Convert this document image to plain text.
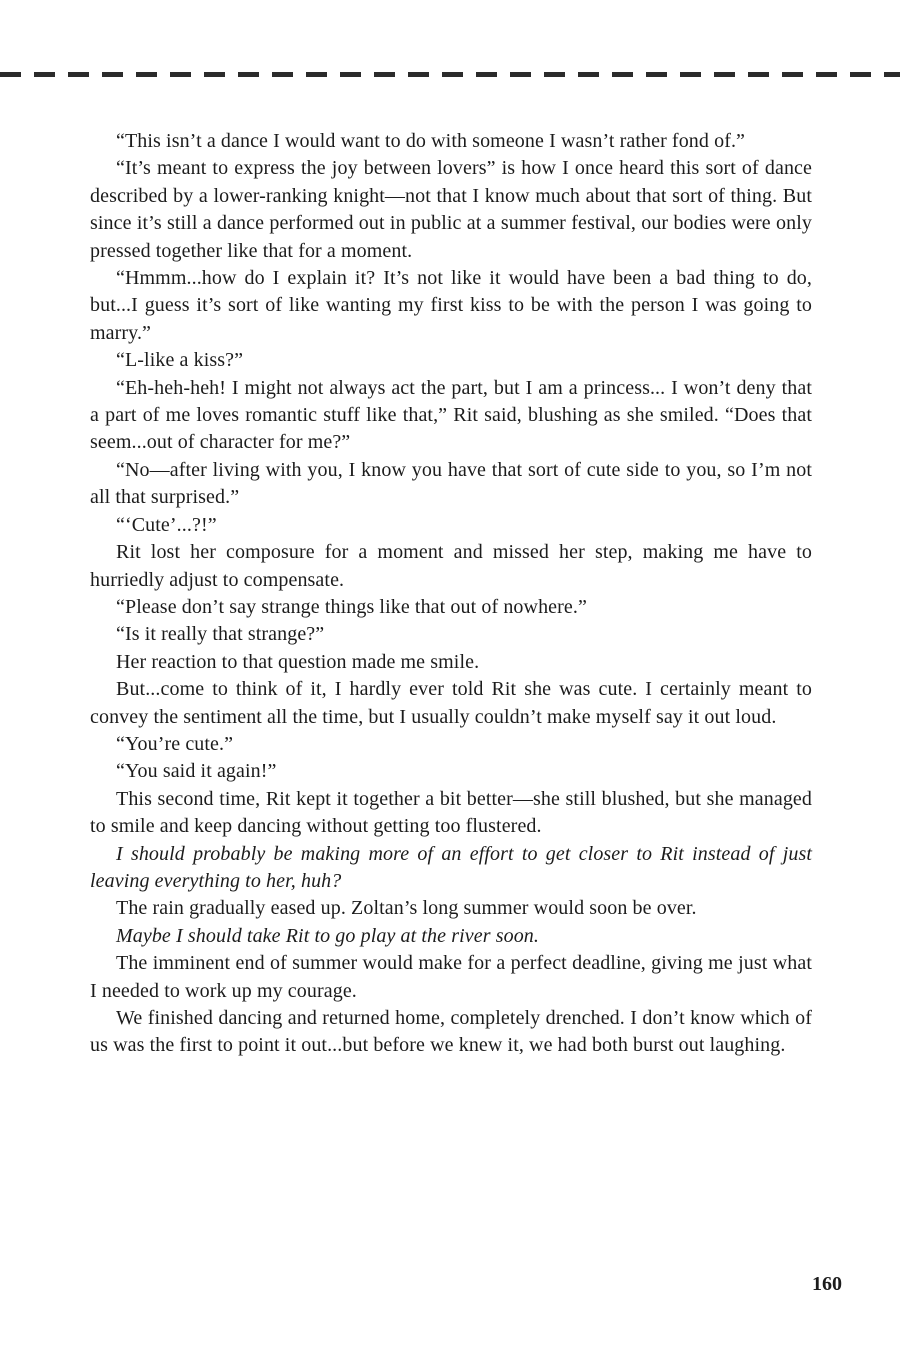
“This isn’t a dance I would want to do with someone I wasn’t rather fond of.”

“It’s meant to express the joy between lovers” is how I once heard this sort of dance described by a lower-ranking knight—not that I know much about that sort of thing. But since it’s still a dance performed out in public at a summer festival, our bodies were only pressed together like that for a moment.

“Hmmm...how do I explain it? It’s not like it would have been a bad thing to do, but...I guess it’s sort of like wanting my first kiss to be with the person I was going to marry.”

“L-like a kiss?”

“Eh-heh-heh! I might not always act the part, but I am a princess... I won’t deny that a part of me loves romantic stuff like that,” Rit said, blushing as she smiled. “Does that seem...out of character for me?”

“No—after living with you, I know you have that sort of cute side to you, so I’m not all that surprised.”

“‘Cute’...?!”

Rit lost her composure for a moment and missed her step, making me have to hurriedly adjust to compensate.

“Please don’t say strange things like that out of nowhere.”

“Is it really that strange?”

Her reaction to that question made me smile.

But...come to think of it, I hardly ever told Rit she was cute. I certainly meant to convey the sentiment all the time, but I usually couldn’t make myself say it out loud.

“You’re cute.”

“You said it again!”

This second time, Rit kept it together a bit better—she still blushed, but she managed to smile and keep dancing without getting too flustered.

I should probably be making more of an effort to get closer to Rit instead of just leaving everything to her, huh?

The rain gradually eased up. Zoltan’s long summer would soon be over.

Maybe I should take Rit to go play at the river soon.

The imminent end of summer would make for a perfect deadline, giving me just what I needed to work up my courage.

We finished dancing and returned home, completely drenched. I don’t know which of us was the first to point it out...but before we knew it, we had both burst out laughing.

160
